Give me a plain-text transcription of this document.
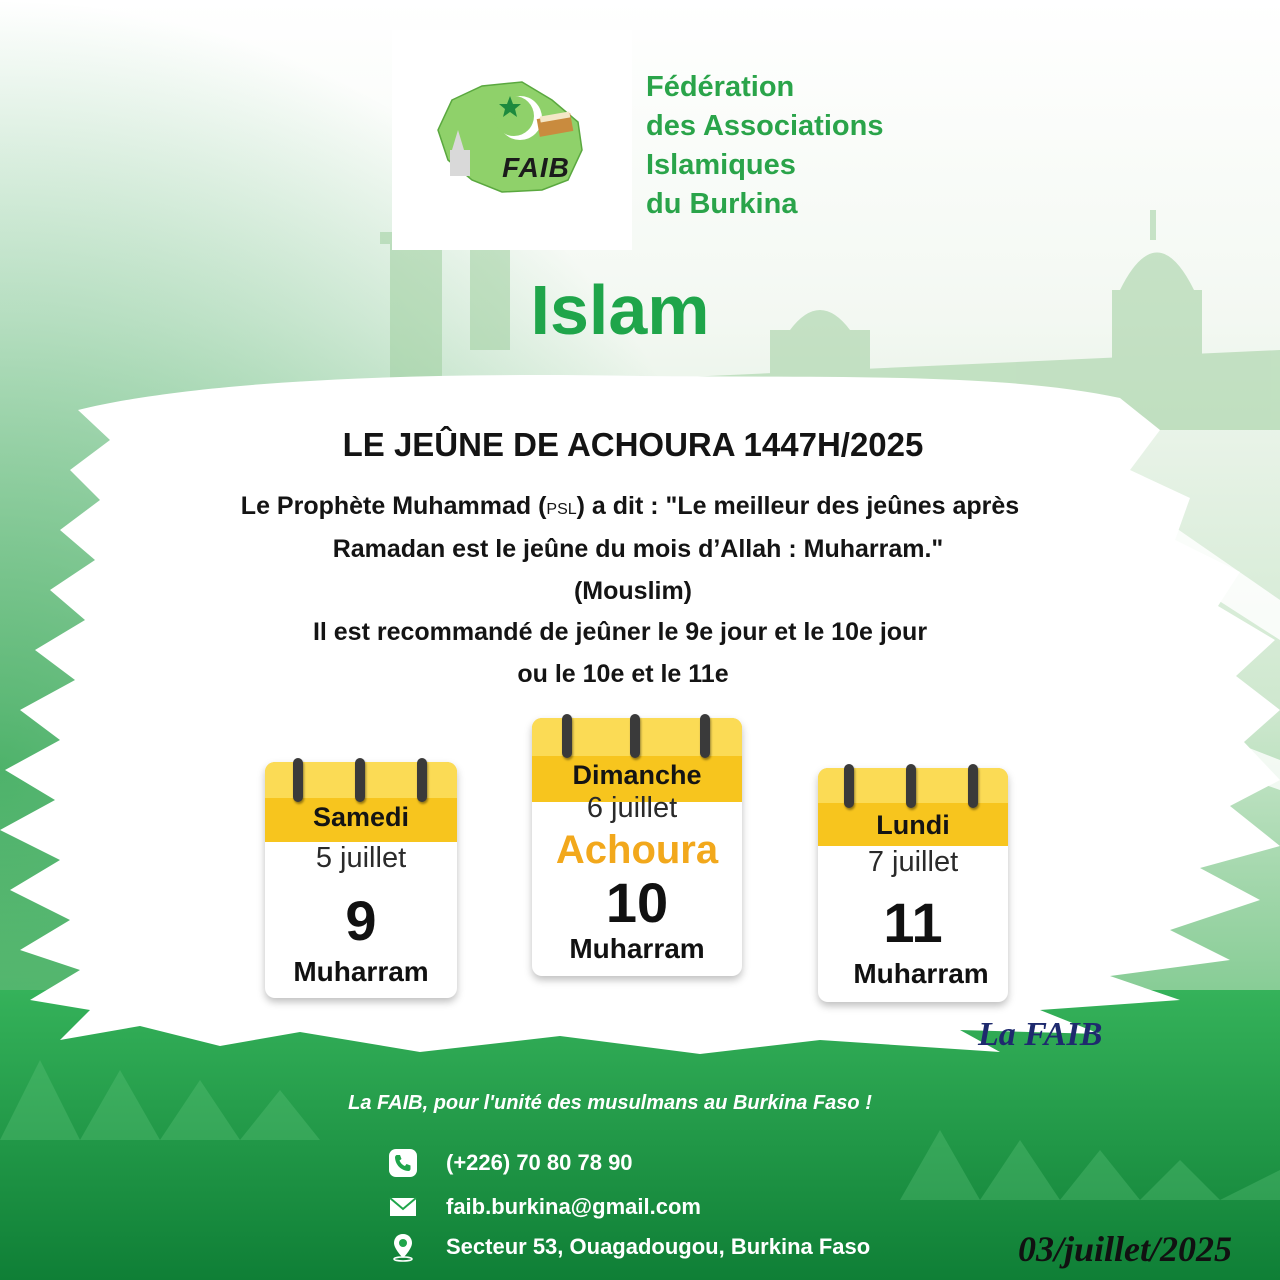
FAIB
Fédération
des Associations
Islamiques
du Burkina
Islam
LE JEÛNE DE ACHOURA 1447H/2025
Le Prophète Muhammad (PSL) a dit : "Le meilleur des jeûnes après
Ramadan est le jeûne du mois d’Allah : Muharram."
(Mouslim)
Il est recommandé de jeûner le 9e jour et le 10e jour
ou le 10e et le 11e
Samedi
5 juillet
9
Muharram
Dimanche
6 juillet
Achoura
10
Muharram
Lundi
7 juillet
11
Muharram
La FAIB
La FAIB, pour l'unité des musulmans au Burkina Faso !
(+226) 70 80 78 90
faib.burkina@gmail.com
Secteur 53, Ouagadougou, Burkina Faso	03/juillet/2025
